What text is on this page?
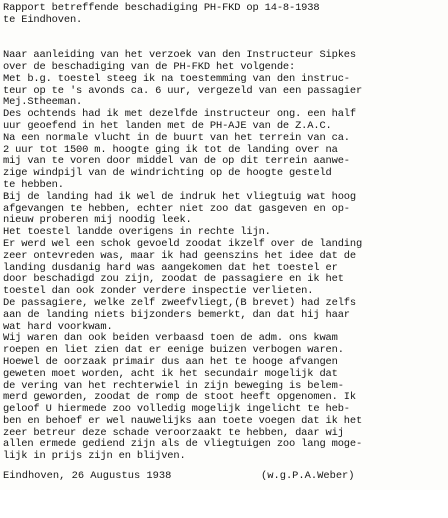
Rapport betreffende beschadiging PH-FKD op 14-8-1938
te Eindhoven.
Naar aanleiding van het verzoek van den Instructeur Sipkes
over de beschadiging van de PH-FKD het volgende:
Met b.g. toestel steeg ik na toestemming van den instruc-
teur op te 's avonds ca. 6 uur, vergezeld van een passagier
Mej.Stheeman.
Des ochtends had ik met dezelfde instructeur ong. een half
uur geoefend in het landen met de PH-AJE van de Z.A.C.
Na een normale vlucht in de buurt van het terrein van ca.
2 uur tot 1500 m. hoogte ging ik tot de landing over na
mij van te voren door middel van de op dit terrein aanwe-
zige windpijl van de windrichting op de hoogte gesteld
te hebben.
Bij de landing had ik wel de indruk het vliegtuig wat hoog
afgevangen te hebben, echter niet zoo dat gasgeven en op-
nieuw proberen mij noodig leek.
Het toestel landde overigens in rechte lijn.
Er werd wel een schok gevoeld zoodat ikzelf over de landing
zeer ontevreden was, maar ik had geenszins het idee dat de
landing dusdanig hard was aangekomen dat het toestel er
door beschadigd zou zijn, zoodat de passagiere en ik het
toestel dan ook zonder verdere inspectie verlieten.
De passagiere, welke zelf zweefvliegt,(B brevet) had zelfs
aan de landing niets bijzonders bemerkt, dan dat hij haar
wat hard voorkwam.
Wij waren dan ook beiden verbaasd toen de adm. ons kwam
roepen en liet zien dat er eenige buizen verbogen waren.
Hoewel de oorzaak primair dus aan het te hooge afvangen
geweten moet worden, acht ik het secundair mogelijk dat
de vering van het rechterwiel in zijn beweging is belem-
merd geworden, zoodat de romp de stoot heeft opgenomen. Ik
geloof U hiermede zoo volledig mogelijk ingelicht te heb-
ben en behoef er wel nauwelijks aan toete voegen dat ik het
zeer betreur deze schade veroorzaakt te hebben, daar wij
allen ermede gediend zijn als de vliegtuigen zoo lang moge-
lijk in prijs zijn en blijven.

Eindhoven, 26 Augustus 1938

	(w.g.P.A.Weber)
